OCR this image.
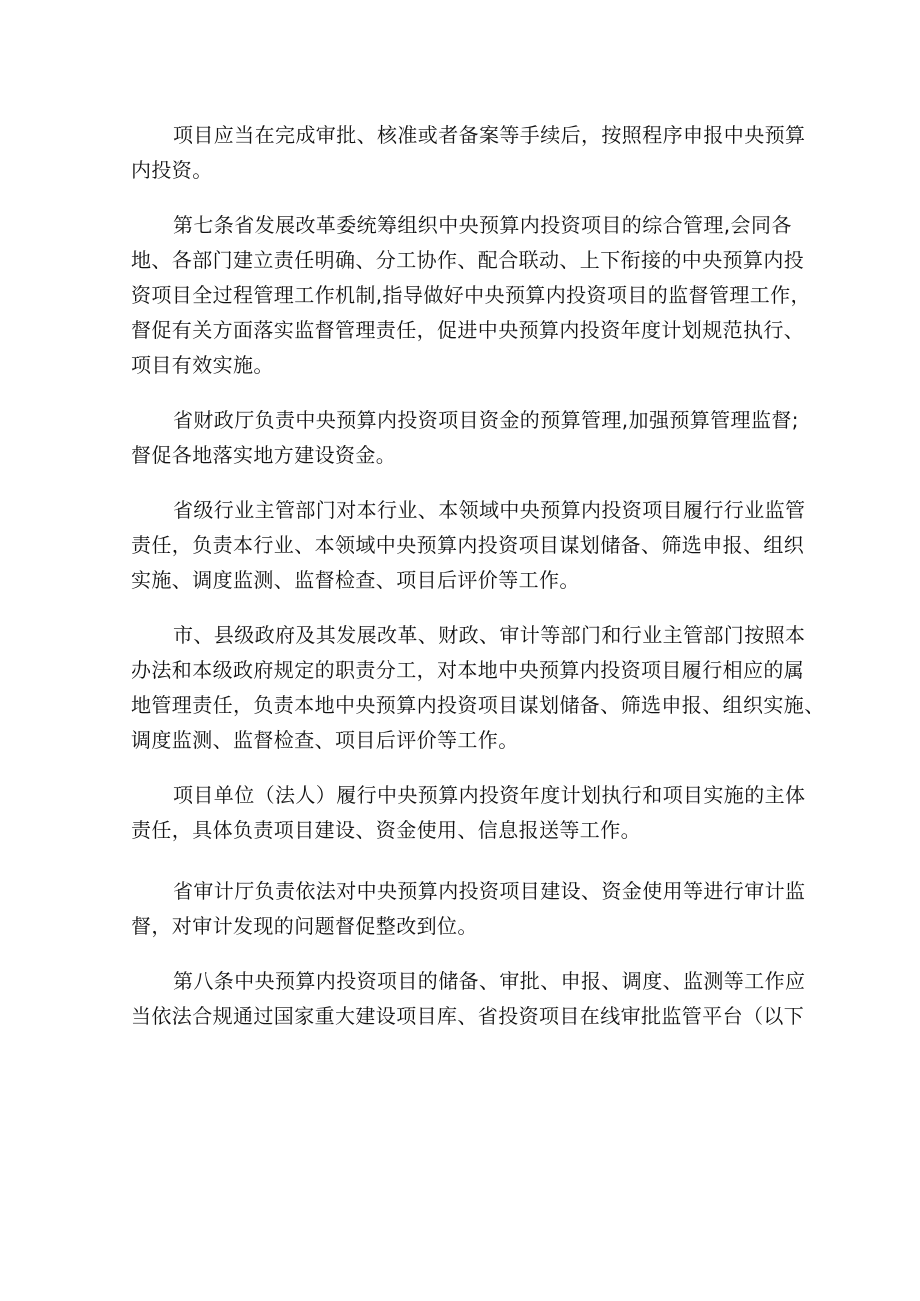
项目应当在完成审批、核准或者备案等手续后，按照程序申报中央预算
内投资。

第七条省发展改革委统筹组织中央预算内投资项目的综合管理,会同各
地、各部门建立责任明确、分工协作、配合联动、上下衔接的中央预算内投
资项目全过程管理工作机制,指导做好中央预算内投资项目的监督管理工作，
督促有关方面落实监督管理责任，促进中央预算内投资年度计划规范执行、
项目有效实施。

省财政厅负责中央预算内投资项目资金的预算管理,加强预算管理监督;
督促各地落实地方建设资金。

省级行业主管部门对本行业、本领域中央预算内投资项目履行行业监管
责任，负责本行业、本领域中央预算内投资项目谋划储备、筛选申报、组织
实施、调度监测、监督检查、项目后评价等工作。

市、县级政府及其发展改革、财政、审计等部门和行业主管部门按照本
办法和本级政府规定的职责分工，对本地中央预算内投资项目履行相应的属
地管理责任，负责本地中央预算内投资项目谋划储备、筛选申报、组织实施、
调度监测、监督检查、项目后评价等工作。

项目单位（法人）履行中央预算内投资年度计划执行和项目实施的主体
责任，具体负责项目建设、资金使用、信息报送等工作。

省审计厅负责依法对中央预算内投资项目建设、资金使用等进行审计监
督，对审计发现的问题督促整改到位。

第八条中央预算内投资项目的储备、审批、申报、调度、监测等工作应
当依法合规通过国家重大建设项目库、省投资项目在线审批监管平台（以下
